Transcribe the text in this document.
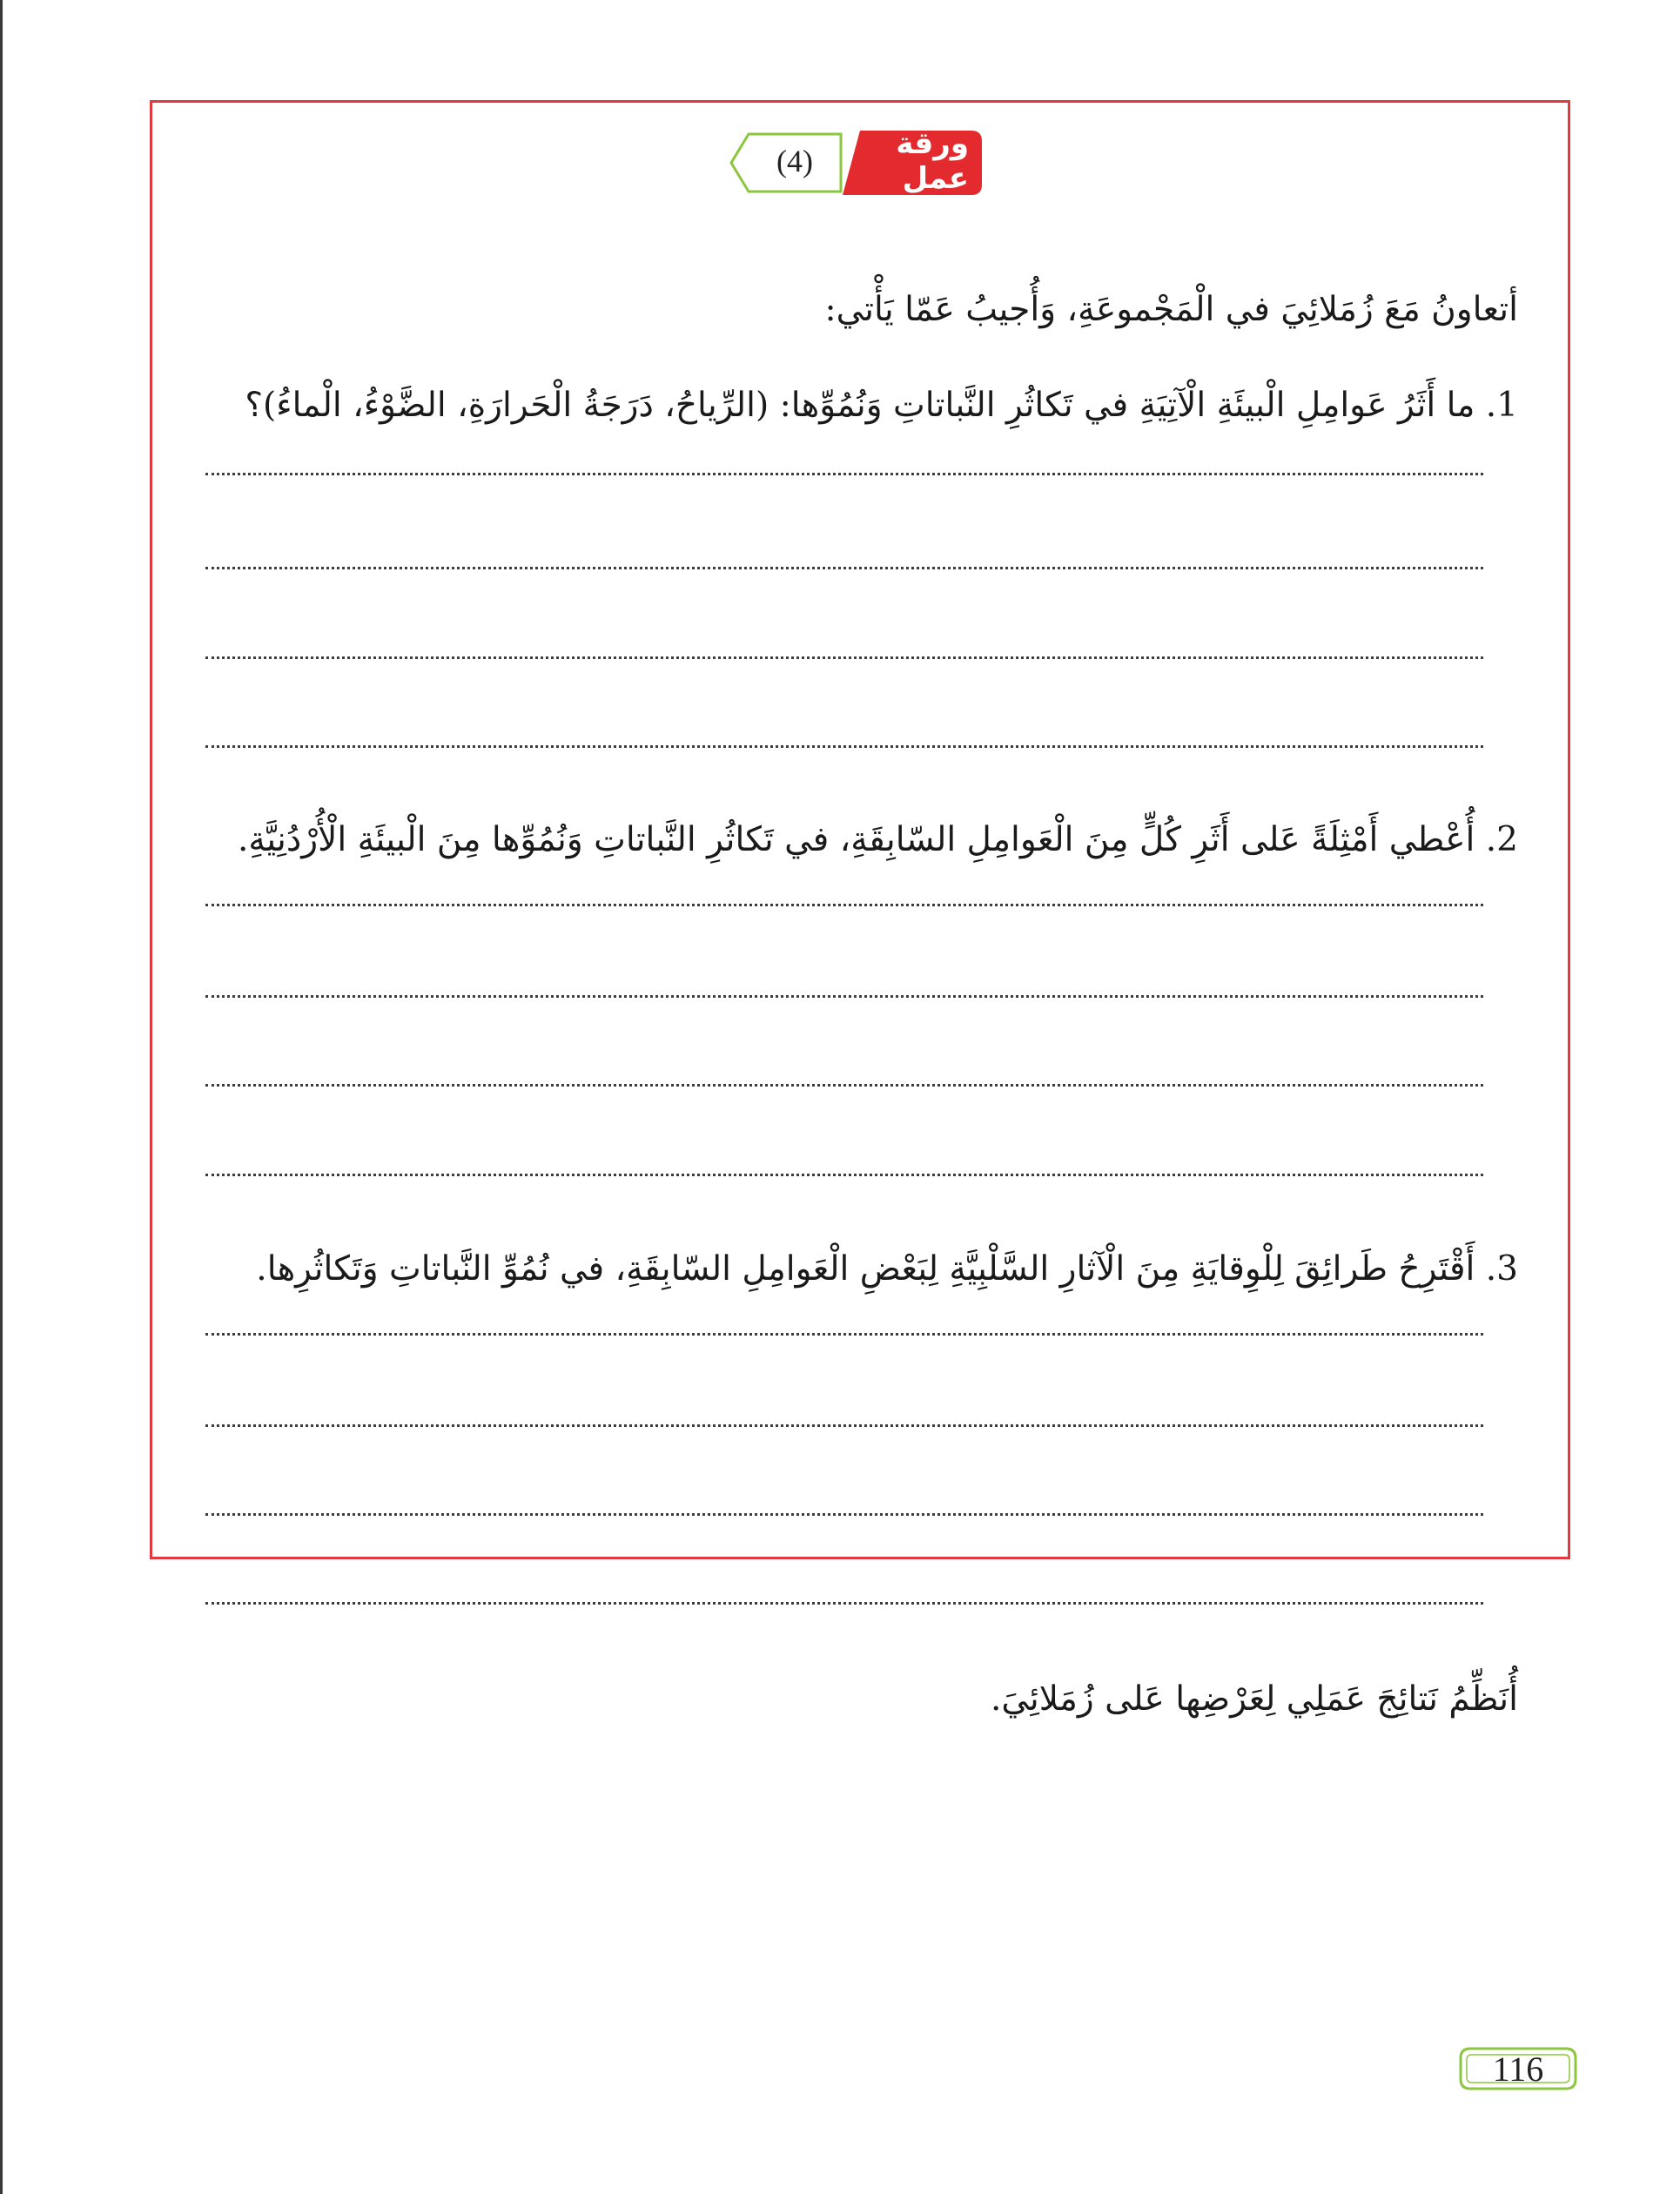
ورقة عمل
(4)
أتعاونُ مَعَ زُمَلائِيَ في الْمَجْموعَةِ، وَأُجيبُ عَمّا يَأْتي:
1. ما أَثَرُ عَوامِلِ الْبيئَةِ الْآتِيَةِ في تَكاثُرِ النَّباتاتِ وَنُمُوِّها: (الرِّياحُ، دَرَجَةُ الْحَرارَةِ، الضَّوْءُ، الْماءُ)؟
2. أُعْطي أَمْثِلَةً عَلى أَثَرِ كُلٍّ مِنَ الْعَوامِلِ السّابِقَةِ، في تَكاثُرِ النَّباتاتِ وَنُمُوِّها مِنَ الْبيئَةِ الْأُرْدُنِيَّةِ.
3. أَقْتَرِحُ طَرائِقَ لِلْوِقايَةِ مِنَ الْآثارِ السَّلْبِيَّةِ لِبَعْضِ الْعَوامِلِ السّابِقَةِ، في نُمُوِّ النَّباتاتِ وَتَكاثُرِها.
أُنَظِّمُ نَتائِجَ عَمَلِي لِعَرْضِها عَلى زُمَلائِيَ.
116
